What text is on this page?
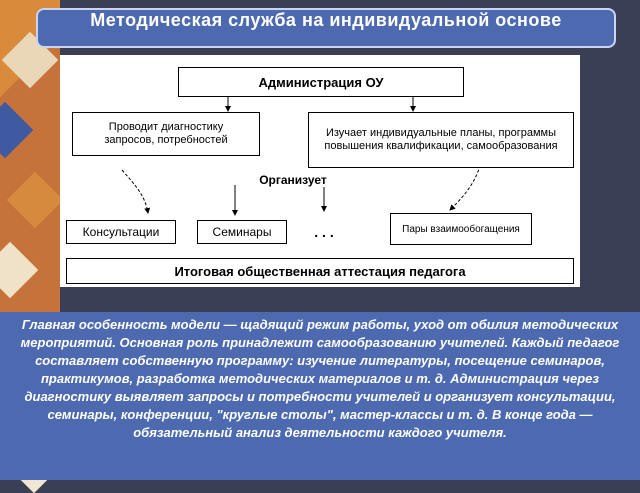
Методическая служба на индивидуальной основе
Администрация ОУ
Проводит диагностику запросов, потребностей
Изучает индивидуальные планы, программы повышения квалификации, самообразования
Организует
Консультации	Семинары	. . .	Пары взаимообогащения
Итоговая общественная аттестация педагога
Главная особенность модели — щадящий режим работы, уход от обилия методических мероприятий. Основная роль принадлежит самообразованию учителей. Каждый педагог составляет собственную программу: изучение литературы, посещение семинаров, практикумов, разработка методических материалов и т. д. Администрация через диагностику выявляет запросы и потребности учителей и организует консультации, семинары, конференции, "круглые столы", мастер-классы и т. д. В конце года — обязательный анализ деятельности каждого учителя.
